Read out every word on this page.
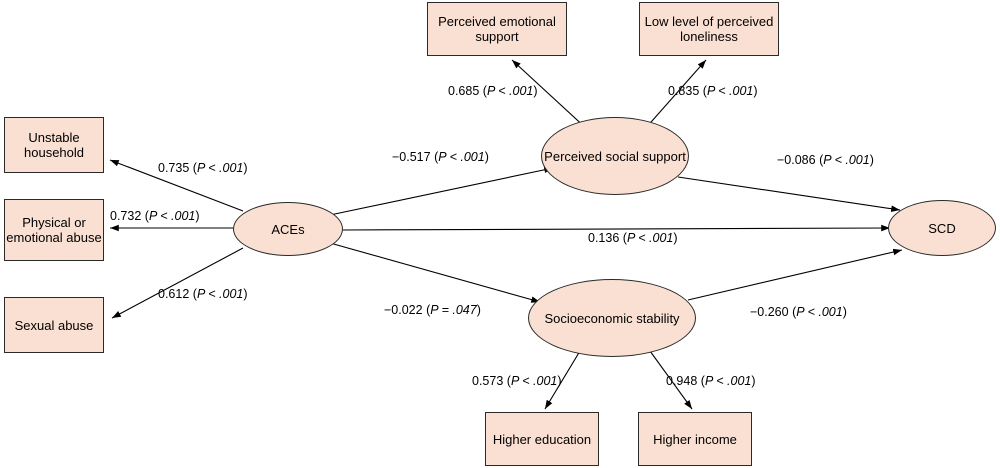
Unstable household
Physical or emotional abuse
Sexual abuse
ACEs
Perceived emotional support
Low level of perceived loneliness
Perceived social support
Socioeconomic stability
SCD
Higher education	Higher income
0.735 (P < .001)
0.732 (P < .001)
0.612 (P < .001)
−0.517 (P < .001)
−0.022 (P = .047)
0.136 (P < .001)
0.685 (P < .001)	0.835 (P < .001)
−0.086 (P < .001)
−0.260 (P < .001)
0.573 (P < .001)	0.948 (P < .001)
